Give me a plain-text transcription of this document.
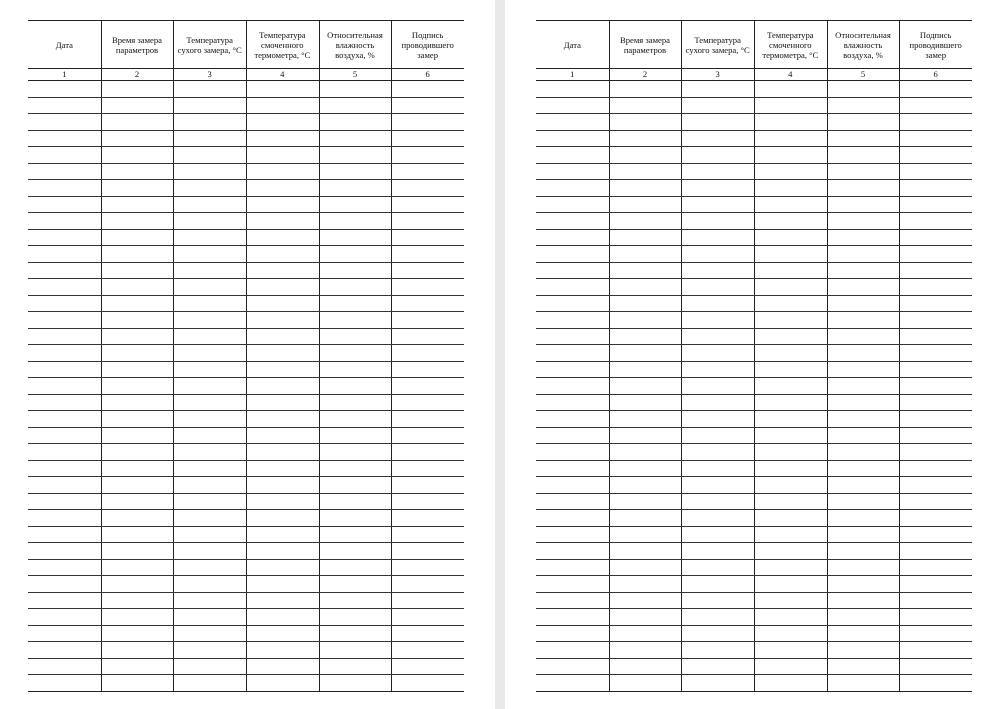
Дата
1
Время замера параметров
2
Температура сухого замера, °С
3
Температура смоченного термометра, °С
4
Относительная влажность воздуха, %
5
Подпись проводившего замер
6
Дата
1
Время замера параметров
2
Температура сухого замера, °С
3
Температура смоченного термометра, °С
4
Относительная влажность воздуха, %
5
Подпись проводившего замер
6
